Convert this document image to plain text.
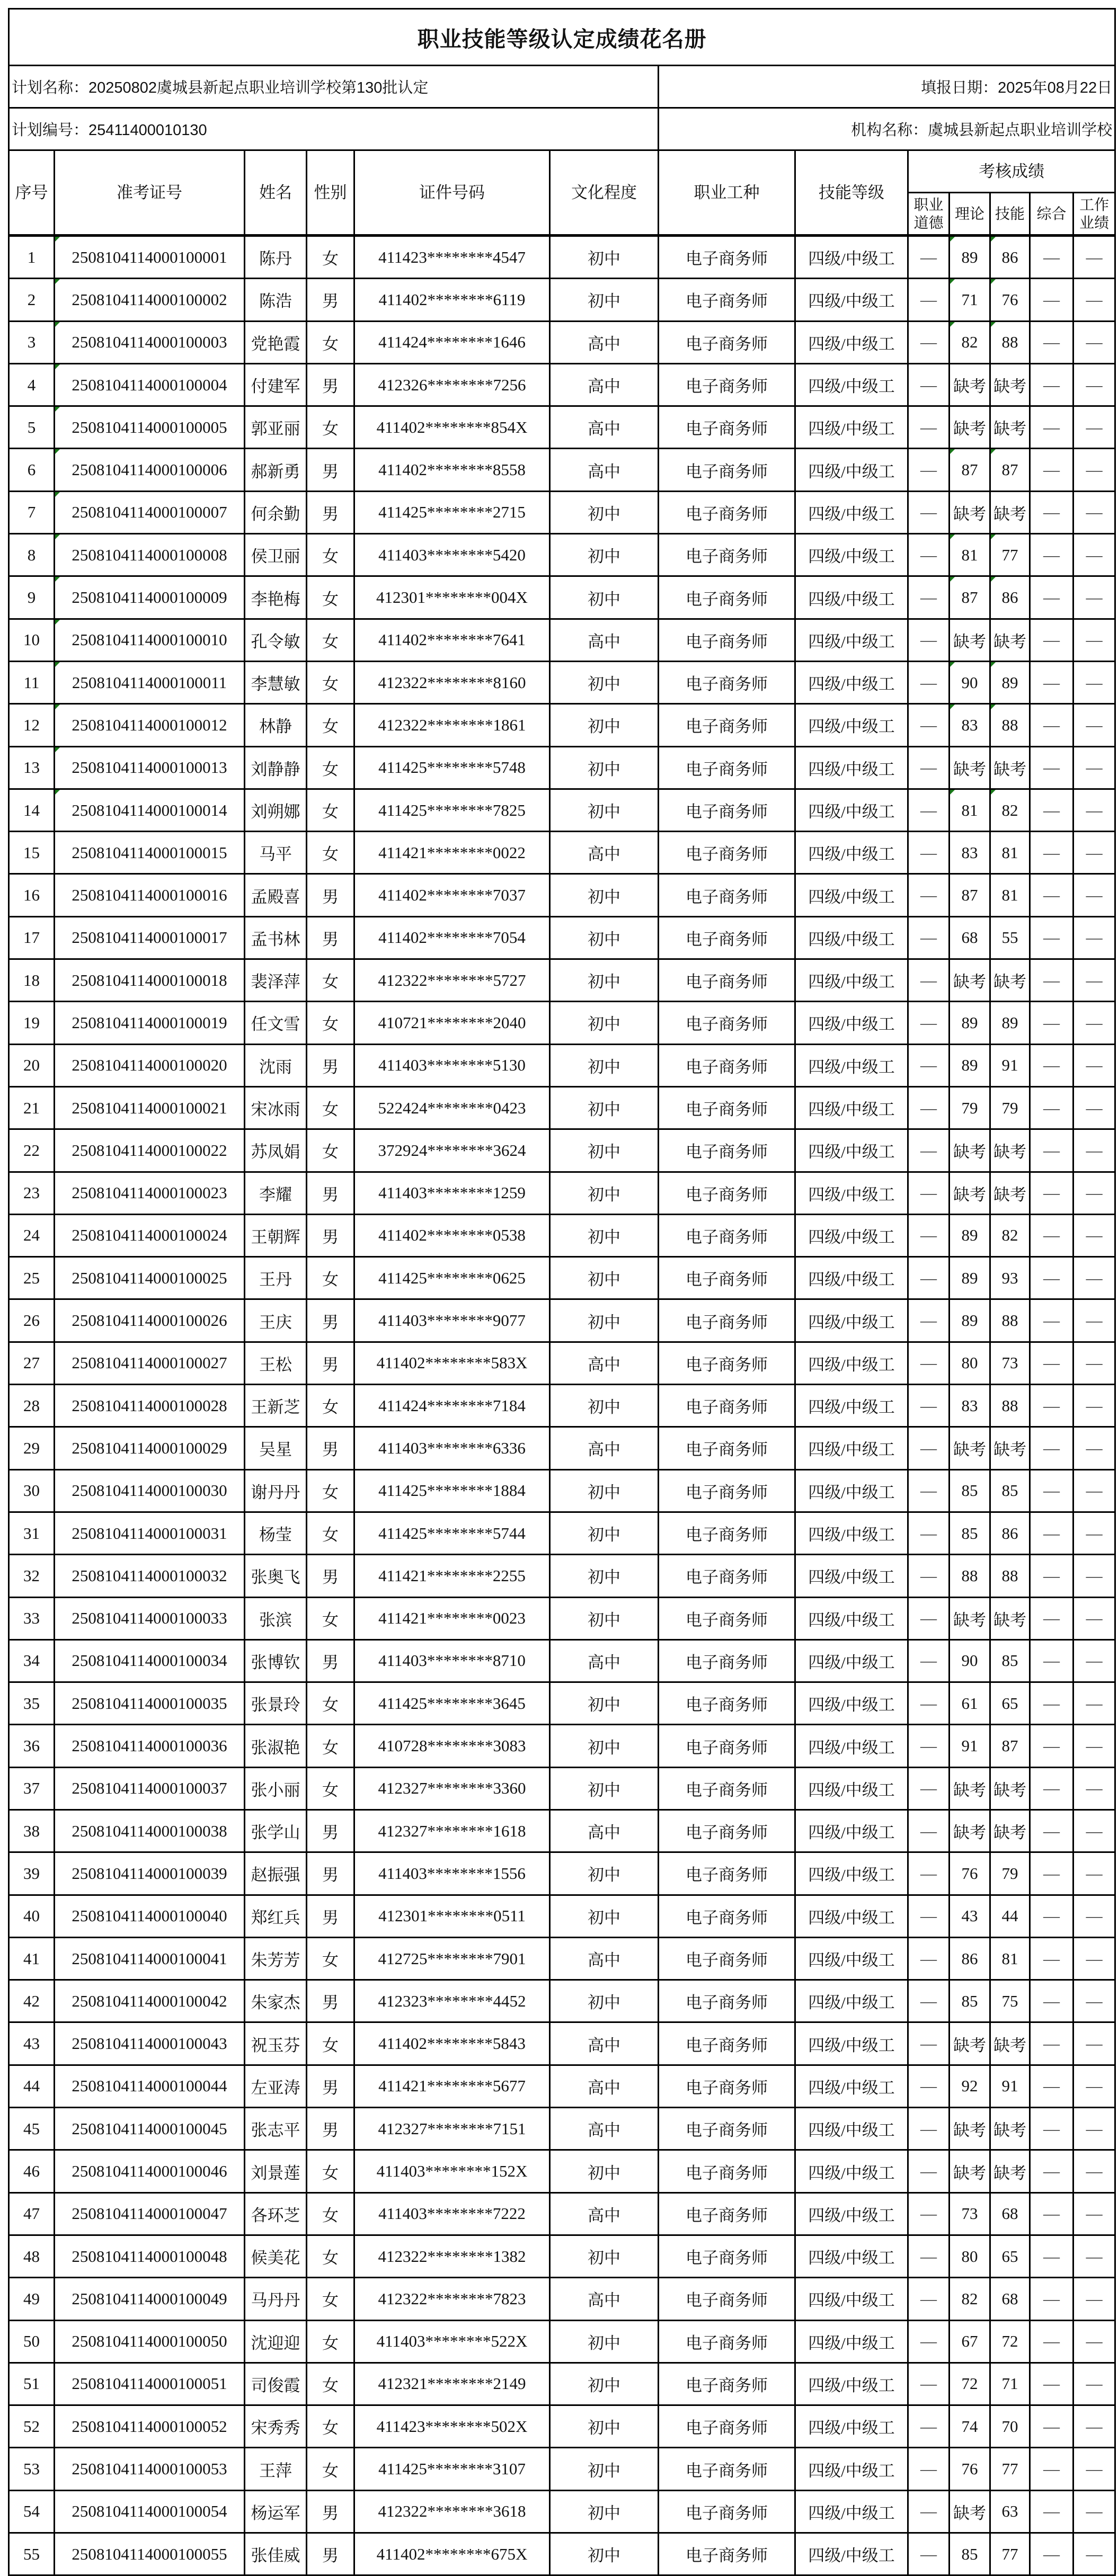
职业技能等级认定成绩花名册												
计划名称：20250802虞城县新起点职业培训学校第130批认定						填报日期：2025年08月22日						
计划编号：25411400010130						机构名称：虞城县新起点职业培训学校						
序号	准考证号	姓名	性别	证件号码	文化程度	职业工种	技能等级	考核成绩				
								职业道德	理论	技能	综合	工作业绩
1	2508104114000100001	陈丹	女	411423********4547	初中	电子商务师	四级/中级工	—	89	86	—	—
2	2508104114000100002	陈浩	男	411402********6119	初中	电子商务师	四级/中级工	—	71	76	—	—
3	2508104114000100003	党艳霞	女	411424********1646	高中	电子商务师	四级/中级工	—	82	88	—	—
4	2508104114000100004	付建军	男	412326********7256	高中	电子商务师	四级/中级工	—	缺考	缺考	—	—
5	2508104114000100005	郭亚丽	女	411402********854X	高中	电子商务师	四级/中级工	—	缺考	缺考	—	—
6	2508104114000100006	郝新勇	男	411402********8558	高中	电子商务师	四级/中级工	—	87	87	—	—
7	2508104114000100007	何余勤	男	411425********2715	初中	电子商务师	四级/中级工	—	缺考	缺考	—	—
8	2508104114000100008	侯卫丽	女	411403********5420	初中	电子商务师	四级/中级工	—	81	77	—	—
9	2508104114000100009	李艳梅	女	412301********004X	初中	电子商务师	四级/中级工	—	87	86	—	—
10	2508104114000100010	孔令敏	女	411402********7641	高中	电子商务师	四级/中级工	—	缺考	缺考	—	—
11	2508104114000100011	李慧敏	女	412322********8160	初中	电子商务师	四级/中级工	—	90	89	—	—
12	2508104114000100012	林静	女	412322********1861	初中	电子商务师	四级/中级工	—	83	88	—	—
13	2508104114000100013	刘静静	女	411425********5748	初中	电子商务师	四级/中级工	—	缺考	缺考	—	—
14	2508104114000100014	刘朔娜	女	411425********7825	初中	电子商务师	四级/中级工	—	81	82	—	—
15	2508104114000100015	马平	女	411421********0022	高中	电子商务师	四级/中级工	—	83	81	—	—
16	2508104114000100016	孟殿喜	男	411402********7037	初中	电子商务师	四级/中级工	—	87	81	—	—
17	2508104114000100017	孟书林	男	411402********7054	初中	电子商务师	四级/中级工	—	68	55	—	—
18	2508104114000100018	裴泽萍	女	412322********5727	初中	电子商务师	四级/中级工	—	缺考	缺考	—	—
19	2508104114000100019	任文雪	女	410721********2040	初中	电子商务师	四级/中级工	—	89	89	—	—
20	2508104114000100020	沈雨	男	411403********5130	初中	电子商务师	四级/中级工	—	89	91	—	—
21	2508104114000100021	宋冰雨	女	522424********0423	初中	电子商务师	四级/中级工	—	79	79	—	—
22	2508104114000100022	苏凤娟	女	372924********3624	初中	电子商务师	四级/中级工	—	缺考	缺考	—	—
23	2508104114000100023	李耀	男	411403********1259	初中	电子商务师	四级/中级工	—	缺考	缺考	—	—
24	2508104114000100024	王朝辉	男	411402********0538	初中	电子商务师	四级/中级工	—	89	82	—	—
25	2508104114000100025	王丹	女	411425********0625	初中	电子商务师	四级/中级工	—	89	93	—	—
26	2508104114000100026	王庆	男	411403********9077	初中	电子商务师	四级/中级工	—	89	88	—	—
27	2508104114000100027	王松	男	411402********583X	高中	电子商务师	四级/中级工	—	80	73	—	—
28	2508104114000100028	王新芝	女	411424********7184	初中	电子商务师	四级/中级工	—	83	88	—	—
29	2508104114000100029	吴星	男	411403********6336	高中	电子商务师	四级/中级工	—	缺考	缺考	—	—
30	2508104114000100030	谢丹丹	女	411425********1884	初中	电子商务师	四级/中级工	—	85	85	—	—
31	2508104114000100031	杨莹	女	411425********5744	初中	电子商务师	四级/中级工	—	85	86	—	—
32	2508104114000100032	张奥飞	男	411421********2255	初中	电子商务师	四级/中级工	—	88	88	—	—
33	2508104114000100033	张滨	女	411421********0023	初中	电子商务师	四级/中级工	—	缺考	缺考	—	—
34	2508104114000100034	张博钦	男	411403********8710	高中	电子商务师	四级/中级工	—	90	85	—	—
35	2508104114000100035	张景玲	女	411425********3645	初中	电子商务师	四级/中级工	—	61	65	—	—
36	2508104114000100036	张淑艳	女	410728********3083	初中	电子商务师	四级/中级工	—	91	87	—	—
37	2508104114000100037	张小丽	女	412327********3360	初中	电子商务师	四级/中级工	—	缺考	缺考	—	—
38	2508104114000100038	张学山	男	412327********1618	高中	电子商务师	四级/中级工	—	缺考	缺考	—	—
39	2508104114000100039	赵振强	男	411403********1556	初中	电子商务师	四级/中级工	—	76	79	—	—
40	2508104114000100040	郑红兵	男	412301********0511	初中	电子商务师	四级/中级工	—	43	44	—	—
41	2508104114000100041	朱芳芳	女	412725********7901	高中	电子商务师	四级/中级工	—	86	81	—	—
42	2508104114000100042	朱家杰	男	412323********4452	初中	电子商务师	四级/中级工	—	85	75	—	—
43	2508104114000100043	祝玉芬	女	411402********5843	高中	电子商务师	四级/中级工	—	缺考	缺考	—	—
44	2508104114000100044	左亚涛	男	411421********5677	高中	电子商务师	四级/中级工	—	92	91	—	—
45	2508104114000100045	张志平	男	412327********7151	高中	电子商务师	四级/中级工	—	缺考	缺考	—	—
46	2508104114000100046	刘景莲	女	411403********152X	初中	电子商务师	四级/中级工	—	缺考	缺考	—	—
47	2508104114000100047	各环芝	女	411403********7222	高中	电子商务师	四级/中级工	—	73	68	—	—
48	2508104114000100048	候美花	女	412322********1382	初中	电子商务师	四级/中级工	—	80	65	—	—
49	2508104114000100049	马丹丹	女	412322********7823	高中	电子商务师	四级/中级工	—	82	68	—	—
50	2508104114000100050	沈迎迎	女	411403********522X	初中	电子商务师	四级/中级工	—	67	72	—	—
51	2508104114000100051	司俊霞	女	412321********2149	初中	电子商务师	四级/中级工	—	72	71	—	—
52	2508104114000100052	宋秀秀	女	411423********502X	初中	电子商务师	四级/中级工	—	74	70	—	—
53	2508104114000100053	王萍	女	411425********3107	初中	电子商务师	四级/中级工	—	76	77	—	—
54	2508104114000100054	杨运军	男	412322********3618	初中	电子商务师	四级/中级工	—	缺考	63	—	—
55	2508104114000100055	张佳威	男	411402********675X	初中	电子商务师	四级/中级工	—	85	77	—	—
